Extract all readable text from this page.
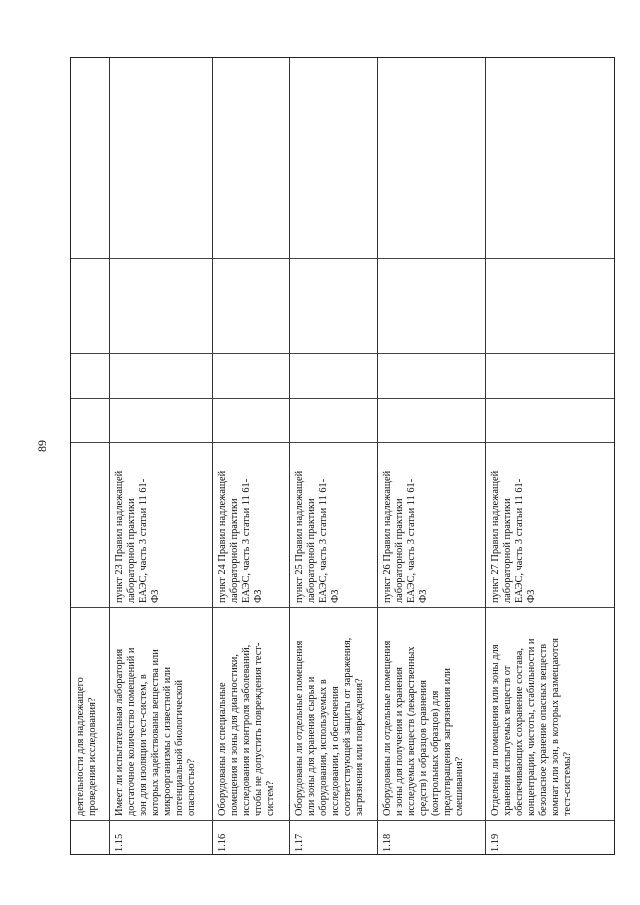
89
деятельности для надлежащего проведения исследования?
1.15
Имеет ли испытательная лаборатория достаточное количество помещений и зон для изоляции тест-систем, в которых задействованы вещества или микроорганизмы с известной или потенциальной биологической опасностью?
пункт 23 Правил надлежащей лабораторной практики ЕАЭС, часть 3 статьи 11 61- ФЗ
1.16
Оборудованы ли специальные помещения и зоны для диагностики, исследования и контроля заболеваний, чтобы не допустить повреждения тест- систем?
пункт 24 Правил надлежащей лабораторной практики ЕАЭС, часть 3 статьи 11 61- ФЗ
1.17
Оборудованы ли отдельные помещения или зоны для хранения сырья и оборудования, используемых в исследовании, и обеспечения соответствующей защиты от заражения, загрязнения или повреждения?
пункт 25 Правил надлежащей лабораторной практики ЕАЭС, часть 3 статьи 11 61- ФЗ
1.18
Оборудованы ли отдельные помещения и зоны для получения и хранения исследуемых веществ (лекарственных средств) и образцов сравнения (контрольных образцов) для предотвращения загрязнения или смешивания?
пункт 26 Правил надлежащей лабораторной практики ЕАЭС, часть 3 статьи 11 61- ФЗ
1.19
Отделены ли помещения или зоны для хранения испытуемых веществ от обеспечивающих сохранение состава, концентрации, чистоты, стабильности и безопасное хранение опасных веществ комнат или зон, в которых размещаются тест-системы?
пункт 27 Правил надлежащей лабораторной практики ЕАЭС, часть 3 статьи 11 61- ФЗ
